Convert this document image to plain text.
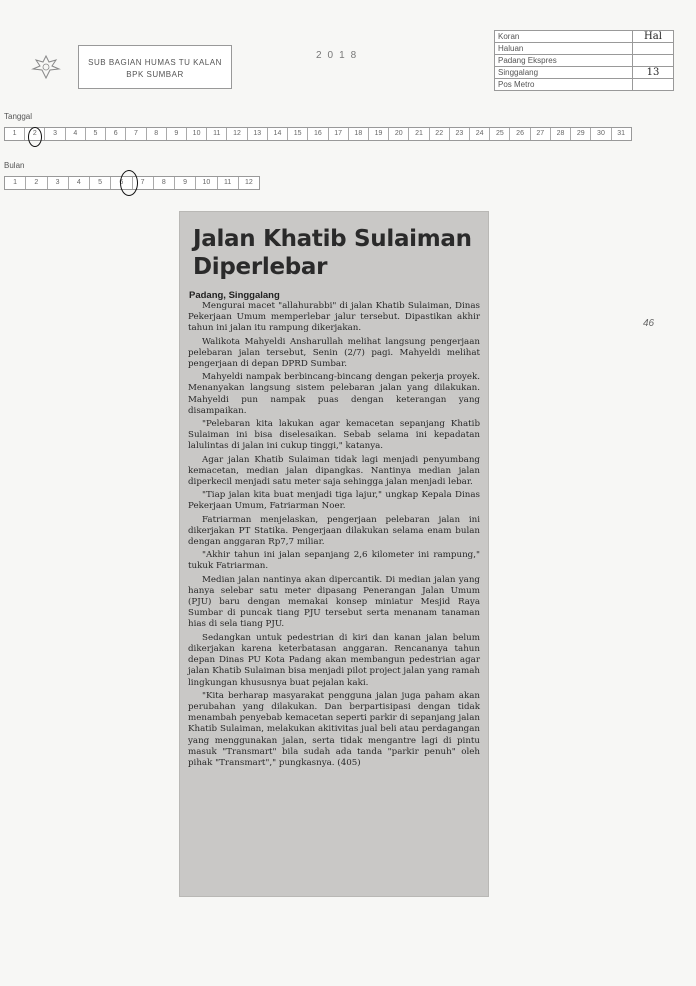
SUB BAGIAN HUMAS TU KALAN
BPK SUMBAR
2018
Koran	Hal
Haluan	
Padang Ekspres	
Singgalang	13
Pos Metro	
Tanggal
1	2	3	4	5	6	7	8	9	10	11	12	13	14	15	16	17	18	19	20	21	22	23	24	25	26	27	28	29	30	31
Bulan
1	2	3	4	5	6	7	8	9	10	11	12
Jalan Khatib Sulaiman
Diperlebar
Padang, Singgalang

Mengurai macet "allahurabbi" di jalan Khatib Sulaiman, Dinas Pekerjaan Umum memperlebar jalur tersebut. Dipastikan akhir tahun ini jalan itu rampung dikerjakan.

Walikota Mahyeldi Ansharullah melihat langsung pengerjaan pelebaran jalan tersebut, Senin (2/7) pagi. Mahyeldi melihat pengerjaan di depan DPRD Sumbar.

Mahyeldi nampak berbincang-bincang dengan pekerja proyek. Menanyakan langsung sistem pelebaran jalan yang dilakukan. Mahyeldi pun nampak puas dengan keterangan yang disampaikan.

"Pelebaran kita lakukan agar kemacetan sepanjang Khatib Sulaiman ini bisa diselesaikan. Sebab selama ini kepadatan lalulintas di jalan ini cukup tinggi," katanya.

Agar jalan Khatib Sulaiman tidak lagi menjadi penyumbang kemacetan, median jalan dipangkas. Nantinya median jalan diperkecil menjadi satu meter saja sehingga jalan menjadi lebar.

"Tiap jalan kita buat menjadi tiga lajur," ungkap Kepala Dinas Pekerjaan Umum, Fatriarman Noer.

Fatriarman menjelaskan, pengerjaan pelebaran jalan ini dikerjakan PT Statika. Pengerjaan dilakukan selama enam bulan dengan anggaran Rp7,7 miliar.

"Akhir tahun ini jalan sepanjang 2,6 kilometer ini rampung," tukuk Fatriarman.

Median jalan nantinya akan dipercantik. Di median jalan yang hanya selebar satu meter dipasang Penerangan Jalan Umum (PJU) baru dengan memakai konsep miniatur Mesjid Raya Sumbar di puncak tiang PJU tersebut serta menanam tanaman hias di sela tiang PJU.

Sedangkan untuk pedestrian di kiri dan kanan jalan belum dikerjakan karena keterbatasan anggaran. Rencananya tahun depan Dinas PU Kota Padang akan membangun pedestrian agar jalan Khatib Sulaiman bisa menjadi pilot project jalan yang ramah lingkungan khususnya buat pejalan kaki.

"Kita berharap masyarakat pengguna jalan juga paham akan perubahan yang dilakukan. Dan berpartisipasi dengan tidak menambah penyebab kemacetan seperti parkir di sepanjang jalan Khatib Sulaiman, melakukan akitivitas jual beli atau perdagangan yang menggunakan jalan, serta tidak mengantre lagi di pintu masuk "Transmart" bila sudah ada tanda "parkir penuh" oleh pihak "Transmart"," pungkasnya. (405)

46
